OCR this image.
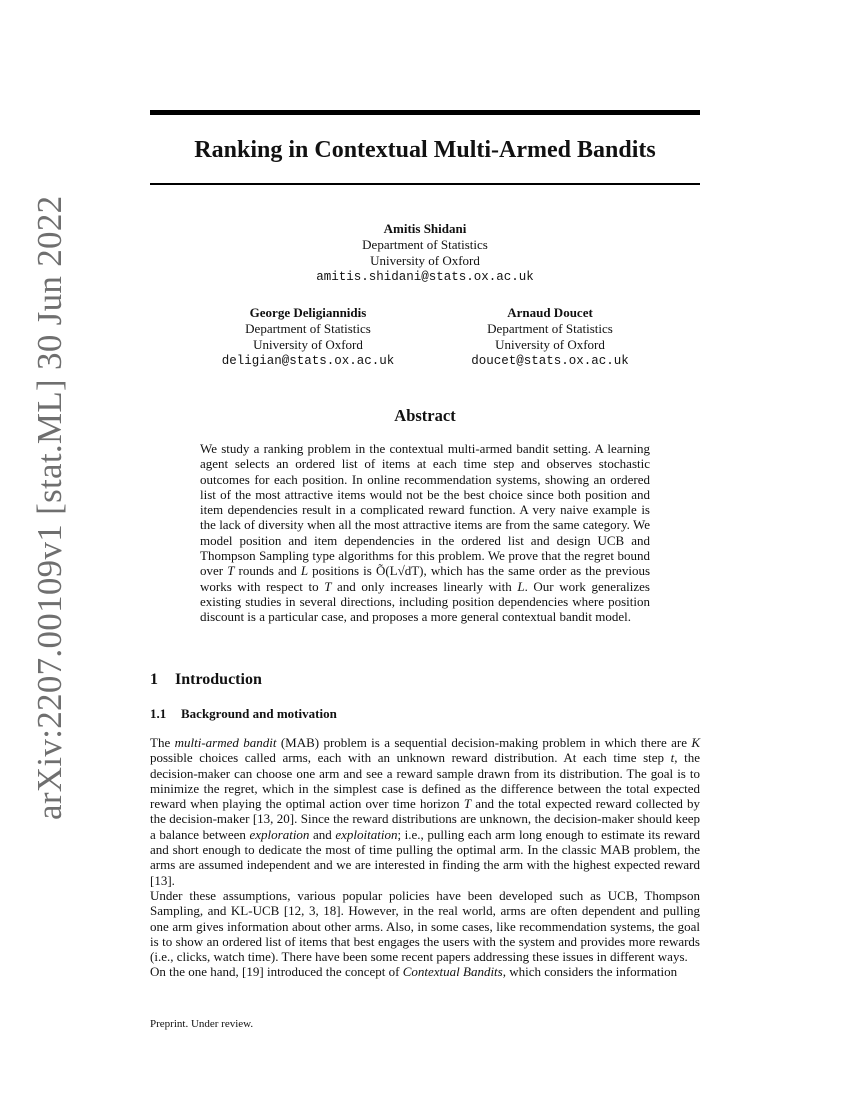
arXiv:2207.00109v1 [stat.ML] 30 Jun 2022
Ranking in Contextual Multi-Armed Bandits
Amitis Shidani
Department of Statistics
University of Oxford
amitis.shidani@stats.ox.ac.uk
George Deligiannidis
Department of Statistics
University of Oxford
deligian@stats.ox.ac.uk
Arnaud Doucet
Department of Statistics
University of Oxford
doucet@stats.ox.ac.uk
Abstract
We study a ranking problem in the contextual multi-armed bandit setting. A learning agent selects an ordered list of items at each time step and observes stochastic outcomes for each position. In online recommendation systems, showing an ordered list of the most attractive items would not be the best choice since both position and item dependencies result in a complicated reward function. A very naive example is the lack of diversity when all the most attractive items are from the same category. We model position and item dependencies in the ordered list and design UCB and Thompson Sampling type algorithms for this problem. We prove that the regret bound over T rounds and L positions is Õ(L√dT), which has the same order as the previous works with respect to T and only increases linearly with L. Our work generalizes existing studies in several directions, including position dependencies where position discount is a particular case, and proposes a more general contextual bandit model.
1 Introduction
1.1 Background and motivation

The multi-armed bandit (MAB) problem is a sequential decision-making problem in which there are K possible choices called arms, each with an unknown reward distribution. At each time step t, the decision-maker can choose one arm and see a reward sample drawn from its distribution. The goal is to minimize the regret, which in the simplest case is defined as the difference between the total expected reward when playing the optimal action over time horizon T and the total expected reward collected by the decision-maker [13, 20]. Since the reward distributions are unknown, the decision-maker should keep a balance between exploration and exploitation; i.e., pulling each arm long enough to estimate its reward and short enough to dedicate the most of time pulling the optimal arm. In the classic MAB problem, the arms are assumed independent and we are interested in finding the arm with the highest expected reward [13].

Under these assumptions, various popular policies have been developed such as UCB, Thompson Sampling, and KL-UCB [12, 3, 18]. However, in the real world, arms are often dependent and pulling one arm gives information about other arms. Also, in some cases, like recommendation systems, the goal is to show an ordered list of items that best engages the users with the system and provides more rewards (i.e., clicks, watch time). There have been some recent papers addressing these issues in different ways.

On the one hand, [19] introduced the concept of Contextual Bandits, which considers the information

Preprint. Under review.
